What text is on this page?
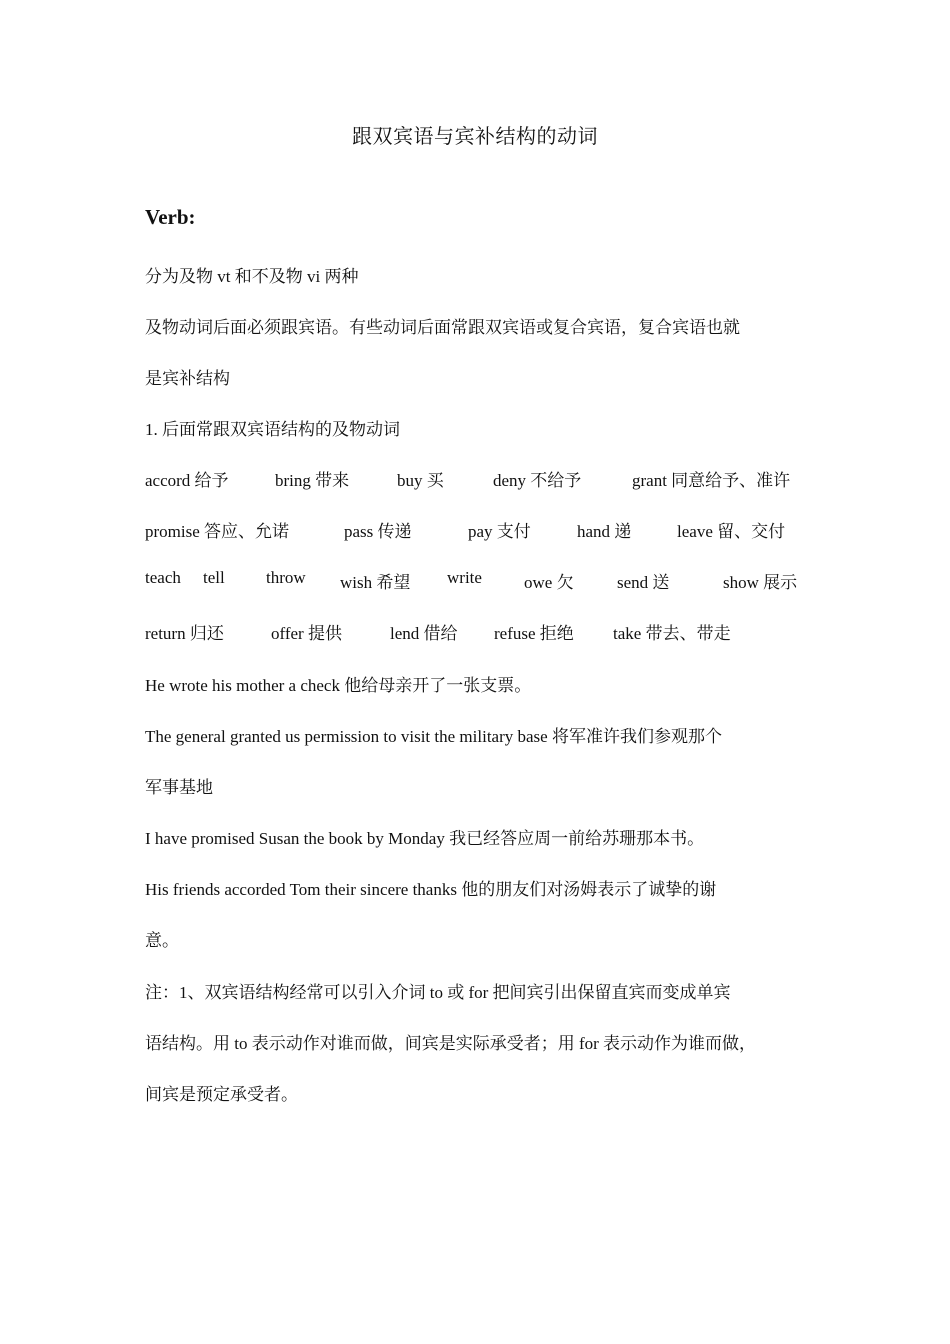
跟双宾语与宾补结构的动词
Verb:
分为及物 vt 和不及物 vi 两种
及物动词后面必须跟宾语。有些动词后面常跟双宾语或复合宾语，复合宾语也就
是宾补结构
1. 后面常跟双宾语结构的及物动词
accord 给予	bring 带来	buy 买	deny 不给予	grant 同意给予、准许
promise 答应、允诺	pass 传递	pay 支付	hand 递	leave 留、交付
teach tell throw wish 希望 write owe 欠	send 送	show 展示
return 归还	offer 提供	lend 借给 refuse 拒绝 take 带去、带走
He wrote his mother a check 他给母亲开了一张支票。
The general granted us permission to visit the military base 将军准许我们参观那个
军事基地
I have promised Susan the book by Monday 我已经答应周一前给苏珊那本书。
His friends accorded Tom their sincere thanks 他的朋友们对汤姆表示了诚挚的谢
意。
注：1、双宾语结构经常可以引入介词 to 或 for 把间宾引出保留直宾而变成单宾
语结构。用 to 表示动作对谁而做，间宾是实际承受者；用 for 表示动作为谁而做，
间宾是预定承受者。
